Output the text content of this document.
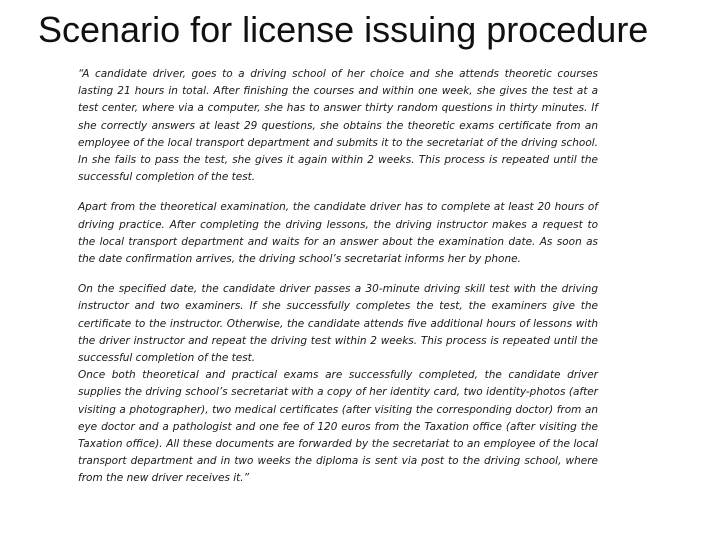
Scenario for license issuing procedure

“A candidate driver, goes to a driving school of her choice and she attends theoretic courses lasting 21 hours in total. After finishing the courses and within one week, she gives the test at a test center, where via a computer, she has to answer thirty random questions in thirty minutes. If she correctly answers at least 29 questions, she obtains the theoretic exams certificate from an employee of the local transport department and submits it to the secretariat of the driving school. In she fails to pass the test, she gives it again within 2 weeks. This process is repeated until the successful completion of the test.

Apart from the theoretical examination, the candidate driver has to complete at least 20 hours of driving practice. After completing the driving lessons, the driving instructor makes a request to the local transport department and waits for an answer about the examination date. As soon as the date confirmation arrives, the driving school’s secretariat informs her by phone.

On the specified date, the candidate driver passes a 30-minute driving skill test with the driving instructor and two examiners. If she successfully completes the test, the examiners give the certificate to the instructor. Otherwise, the candidate attends five additional hours of lessons with the driver instructor and repeat the driving test within 2 weeks. This process is repeated until the successful completion of the test.

Once both theoretical and practical exams are successfully completed, the candidate driver supplies the driving school’s secretariat with a copy of her identity card, two identity-photos (after visiting a photographer), two medical certificates (after visiting the corresponding doctor) from an eye doctor and a pathologist and one fee of 120 euros from the Taxation office (after visiting the Taxation office). All these documents are forwarded by the secretariat to an employee of the local transport department and in two weeks the diploma is sent via post to the driving school, where from the new driver receives it.”
